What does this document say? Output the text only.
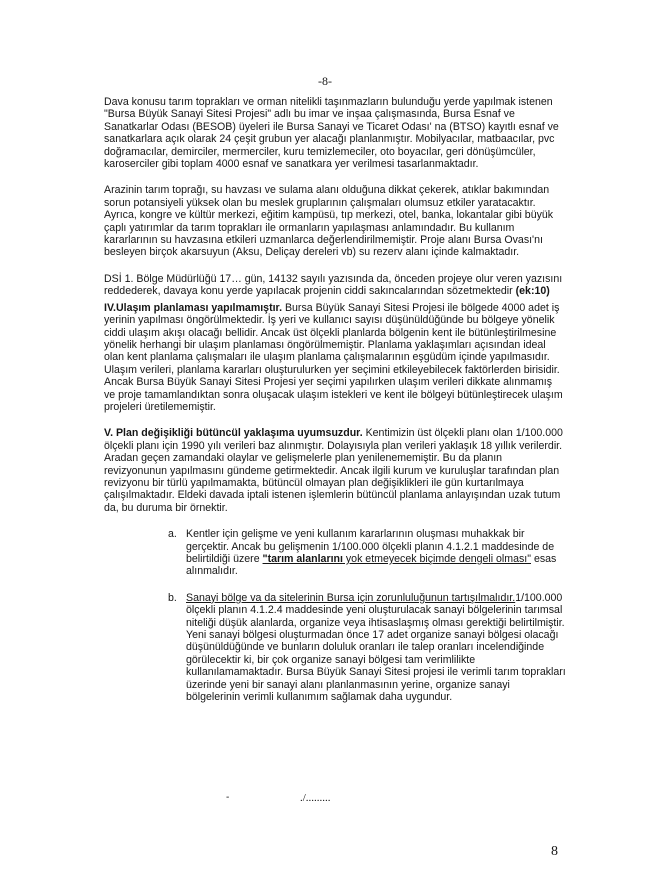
-8-

Dava konusu tarım toprakları ve orman nitelikli taşınmazların bulunduğu yerde yapılmak istenen "Bursa Büyük Sanayi Sitesi Projesi" adlı bu imar ve inşaa çalışmasında, Bursa Esnaf ve Sanatkarlar Odası (BESOB) üyeleri ile Bursa Sanayi ve Ticaret Odası' na (BTSO) kayıtlı esnaf ve sanatkarlara açık olarak 24 çeşit grubun yer alacağı planlanmıştır. Mobilyacılar, matbaacılar, pvc doğramacılar, demirciler, mermerciler, kuru temizlemeciler, oto boyacılar, geri dönüşümcüler, karoserciler gibi toplam 4000 esnaf ve sanatkara yer verilmesi tasarlanmaktadır.

Arazinin tarım toprağı, su havzası ve sulama alanı olduğuna dikkat çekerek, atıklar bakımından sorun potansiyeli yüksek olan bu meslek gruplarının çalışmaları olumsuz etkiler yaratacaktır. Ayrıca, kongre ve kültür merkezi, eğitim kampüsü, tıp merkezi, otel, banka, lokantalar gibi büyük çaplı yatırımlar da tarım toprakları ile ormanların yapılaşması anlamındadır. Bu kullanım kararlarının su havzasına etkileri uzmanlarca değerlendirilmemiştir. Proje alanı Bursa Ovası'nı besleyen birçok akarsuyun (Aksu, Deliçay dereleri vb) su rezerv alanı içinde kalmaktadır.

DSİ 1. Bölge Müdürlüğü 17… gün, 14132 sayılı yazısında da, önceden projeye olur veren yazısını reddederek, davaya konu yerde yapılacak projenin ciddi sakıncalarından sözetmektedir (ek:10)

IV.Ulaşım planlaması yapılmamıştır. Bursa Büyük Sanayi Sitesi Projesi ile bölgede 4000 adet iş yerinin yapılması öngörülmektedir. İş yeri ve kullanıcı sayısı düşünüldüğünde bu bölgeye yönelik ciddi ulaşım akışı olacağı bellidir. Ancak üst ölçekli planlarda bölgenin kent ile bütünleştirilmesine yönelik herhangi bir ulaşım planlaması öngörülmemiştir. Planlama yaklaşımları açısından ideal olan kent planlama çalışmaları ile ulaşım planlama çalışmalarının eşgüdüm içinde yapılmasıdır. Ulaşım verileri, planlama kararları oluşturulurken yer seçimini etkileyebilecek faktörlerden birisidir. Ancak Bursa Büyük Sanayi Sitesi Projesi yer seçimi yapılırken ulaşım verileri dikkate alınmamış ve proje tamamlandıktan sonra oluşacak ulaşım istekleri ve kent ile bölgeyi bütünleştirecek ulaşım projeleri üretilememiştir.

V. Plan değişikliği bütüncül yaklaşıma uyumsuzdur. Kentimizin üst ölçekli planı olan 1/100.000 ölçekli planı için 1990 yılı verileri baz alınmıştır. Dolayısıyla plan verileri yaklaşık 18 yıllık verilerdir. Aradan geçen zamandaki olaylar ve gelişmelerle plan yenilenememiştir. Bu da planın revizyonunun yapılmasını gündeme getirmektedir. Ancak ilgili kurum ve kuruluşlar tarafından plan revizyonu bir türlü yapılmamakta, bütüncül olmayan plan değişiklikleri ile gün kurtarılmaya çalışılmaktadır. Eldeki davada iptali istenen işlemlerin bütüncül planlama anlayışından uzak tutum da, bu duruma bir örnektir.

a. Kentler için gelişme ve yeni kullanım kararlarının oluşması muhakkak bir gerçektir. Ancak bu gelişmenin 1/100.000 ölçekli planın 4.1.2.1 maddesinde de belirtildiği üzere "tarım alanlarını yok etmeyecek biçimde dengeli olması" esas alınmalıdır.
b. Sanayi bölge va da sitelerinin Bursa için zorunluluğunun tartışılmalıdır.1/100.000 ölçekli planın 4.1.2.4 maddesinde yeni oluşturulacak sanayi bölgelerinin tarımsal niteliği düşük alanlarda, organize veya ihtisaslaşmış olması gerektiği belirtilmiştir. Yeni sanayi bölgesi oluşturmadan önce 17 adet organize sanayi bölgesi olacağı düşünüldüğünde ve bunların doluluk oranları ile talep oranları incelendiğinde görülecektir ki, bir çok organize sanayi bölgesi tam verimlilikte kullanılamamaktadır. Bursa Büyük Sanayi Sitesi projesi ile verimli tarım toprakları üzerinde yeni bir sanayi alanı planlanmasının yerine, organize sanayi bölgelerinin verimli kullanımım sağlamak daha uygundur.
-	./.........
8
